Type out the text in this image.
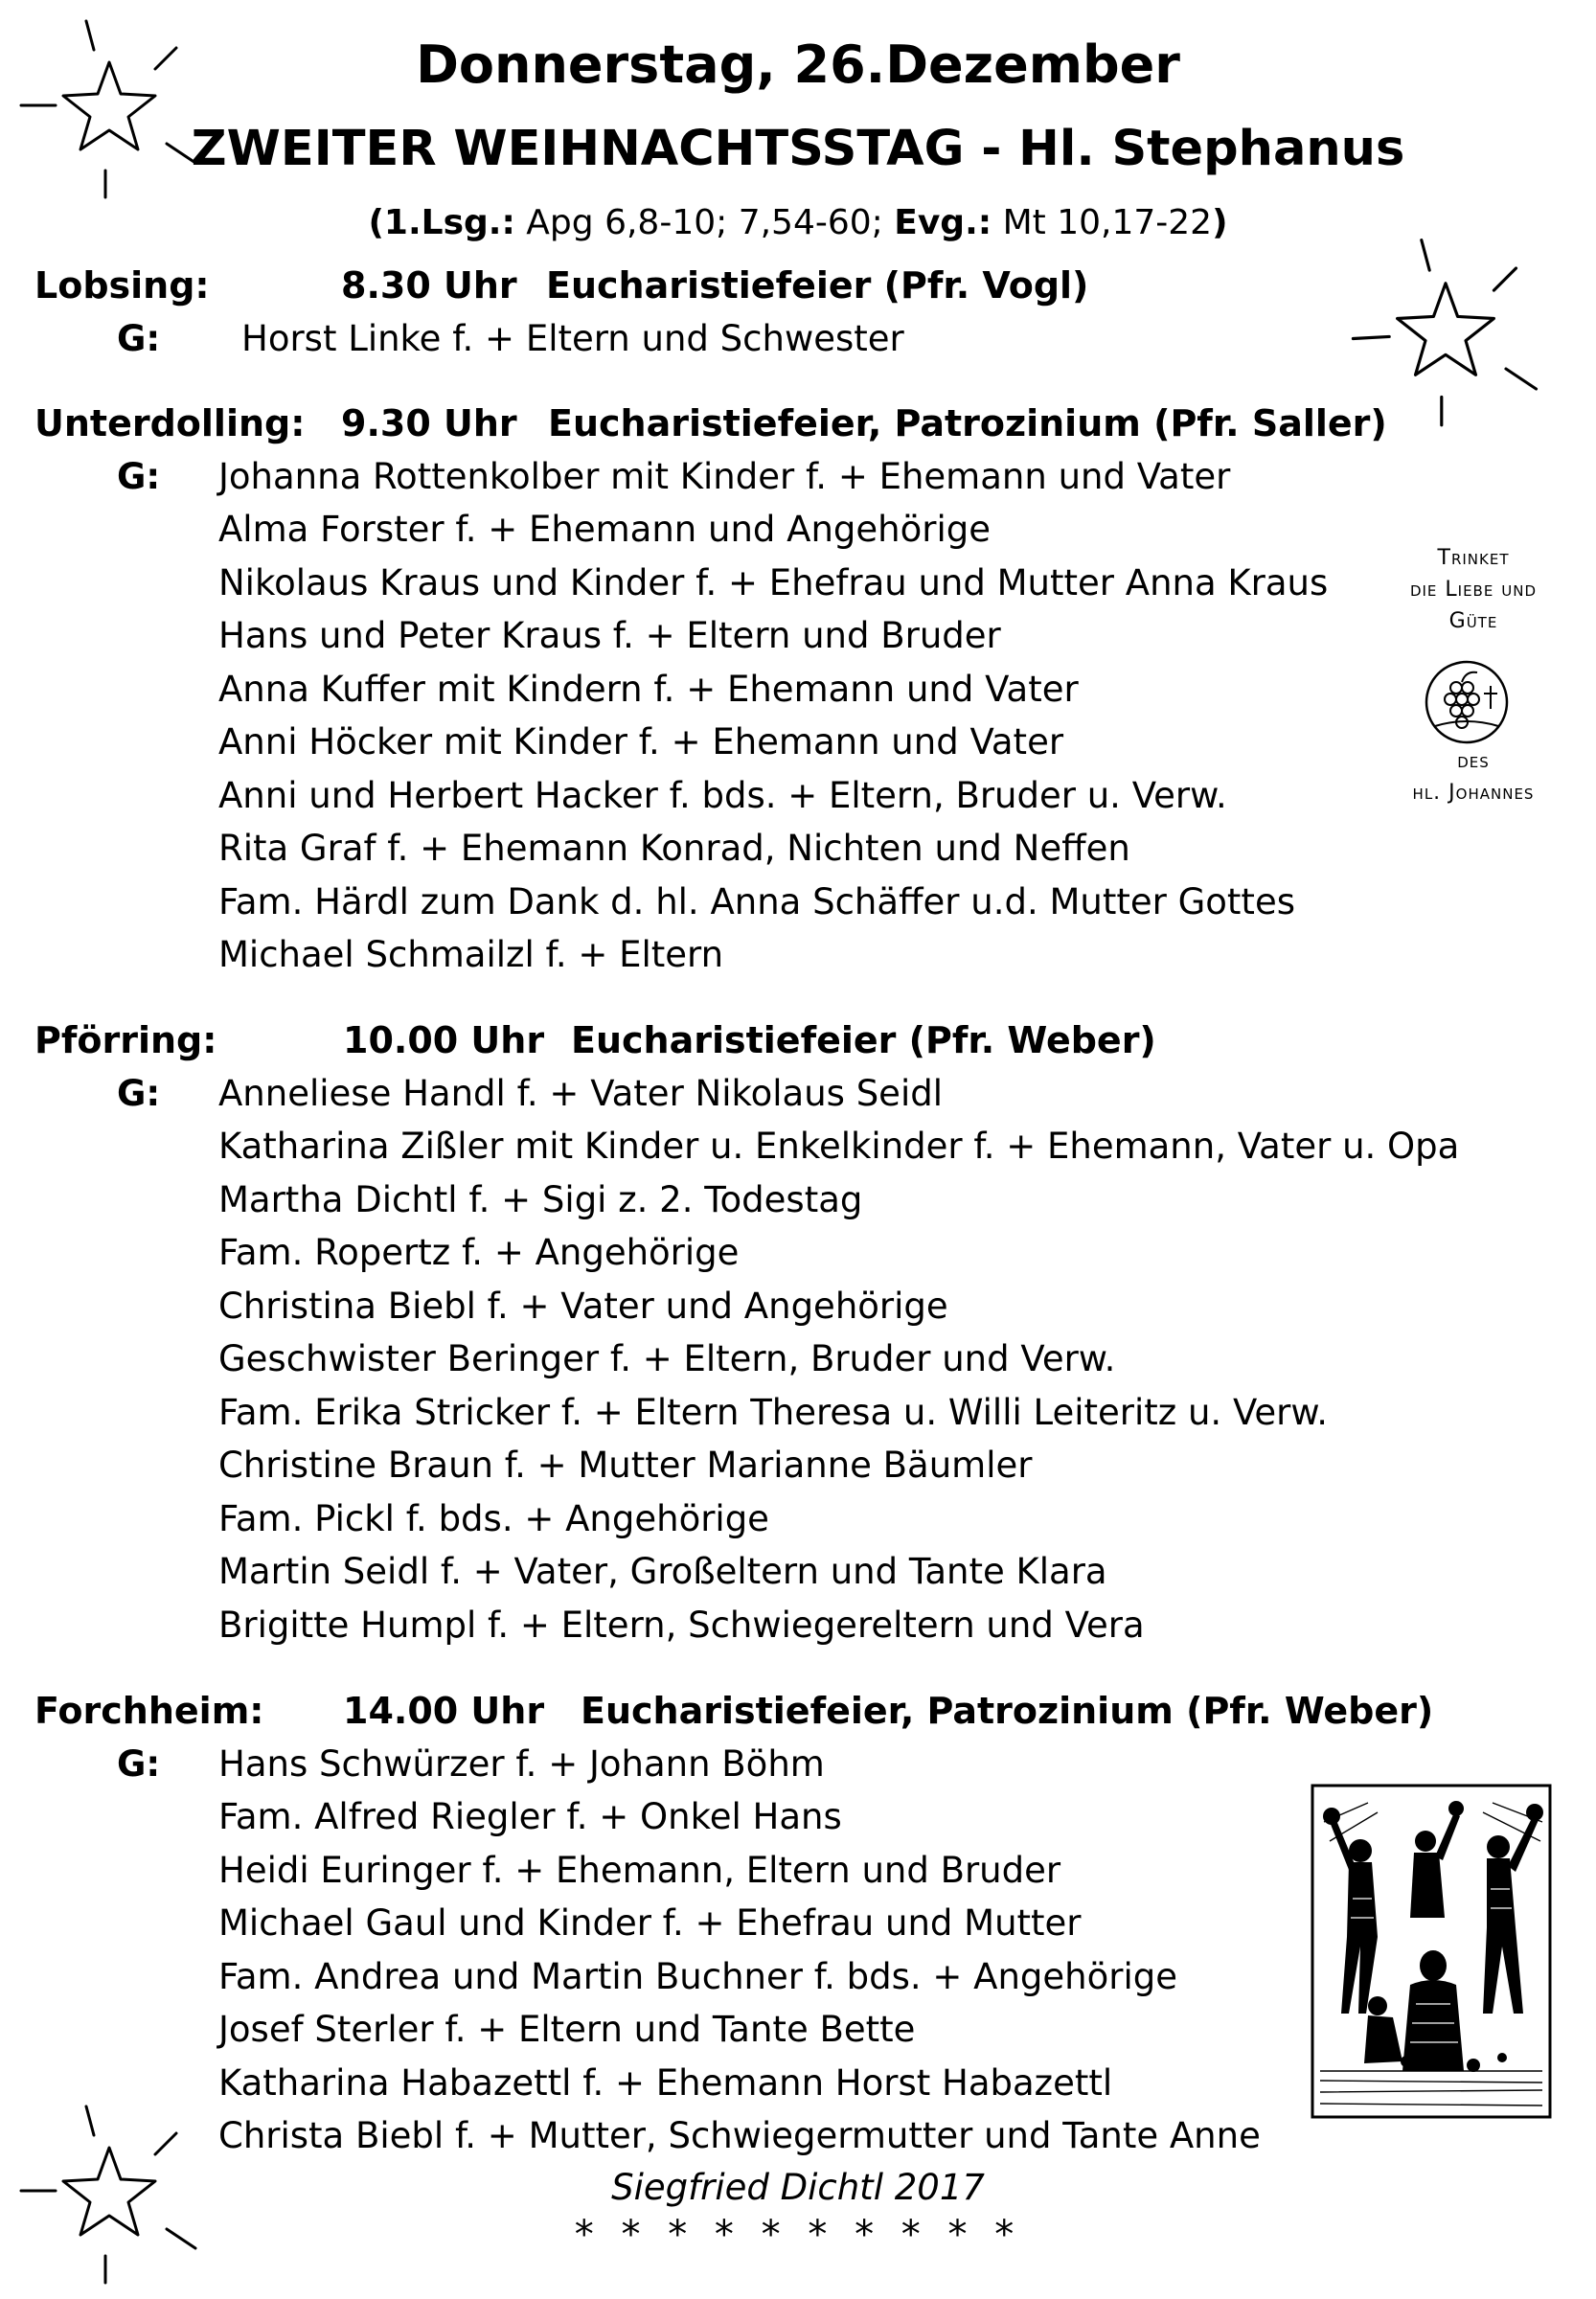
Donnerstag, 26.Dezember
ZWEITER WEIHNACHTSSTAG - Hl. Stephanus
(1.Lsg.: Apg 6,8-10; 7,54-60; Evg.: Mt 10,17-22)
Lobsing:	8.30 Uhr Eucharistiefeier (Pfr. Vogl)
G: Horst Linke f. + Eltern und Schwester
Unterdolling: 9.30 Uhr Eucharistiefeier, Patrozinium (Pfr. Saller)
G: Johanna Rottenkolber mit Kinder f. + Ehemann und Vater
Alma Forster f. + Ehemann und Angehörige
Nikolaus Kraus und Kinder f. + Ehefrau und Mutter Anna Kraus
Hans und Peter Kraus f. + Eltern und Bruder
Anna Kuffer mit Kindern f. + Ehemann und Vater
Anni Höcker mit Kinder f. + Ehemann und Vater
Anni und Herbert Hacker f. bds. + Eltern, Bruder u. Verw.
Rita Graf f. + Ehemann Konrad, Nichten und Neffen
Fam. Härdl zum Dank d. hl. Anna Schäffer u.d. Mutter Gottes
Michael Schmailzl f. + Eltern
Pförring:	10.00 Uhr Eucharistiefeier (Pfr. Weber)
G: Anneliese Handl f. + Vater Nikolaus Seidl
Katharina Zißler mit Kinder u. Enkelkinder f. + Ehemann, Vater u. Opa
Martha Dichtl f. + Sigi z. 2. Todestag
Fam. Ropertz f. + Angehörige
Christina Biebl f. + Vater und Angehörige
Geschwister Beringer f. + Eltern, Bruder und Verw.
Fam. Erika Stricker f. + Eltern Theresa u. Willi Leiteritz u. Verw.
Christine Braun f. + Mutter Marianne Bäumler
Fam. Pickl f. bds. + Angehörige
Martin Seidl f. + Vater, Großeltern und Tante Klara
Brigitte Humpl f. + Eltern, Schwiegereltern und Vera
Forchheim: 14.00 Uhr Eucharistiefeier, Patrozinium (Pfr. Weber)
G: Hans Schwürzer f. + Johann Böhm
Fam. Alfred Riegler f. + Onkel Hans
Heidi Euringer f. + Ehemann, Eltern und Bruder
Michael Gaul und Kinder f. + Ehefrau und Mutter
Fam. Andrea und Martin Buchner f. bds. + Angehörige
Josef Sterler f. + Eltern und Tante Bette
Katharina Habazettl f. + Ehemann Horst Habazettl
Christa Biebl f. + Mutter, Schwiegermutter und Tante Anne
Siegfried Dichtl 2017
* * * * * * * * * *
Trinket
die Liebe und
Güte
des
hl. Johannes
